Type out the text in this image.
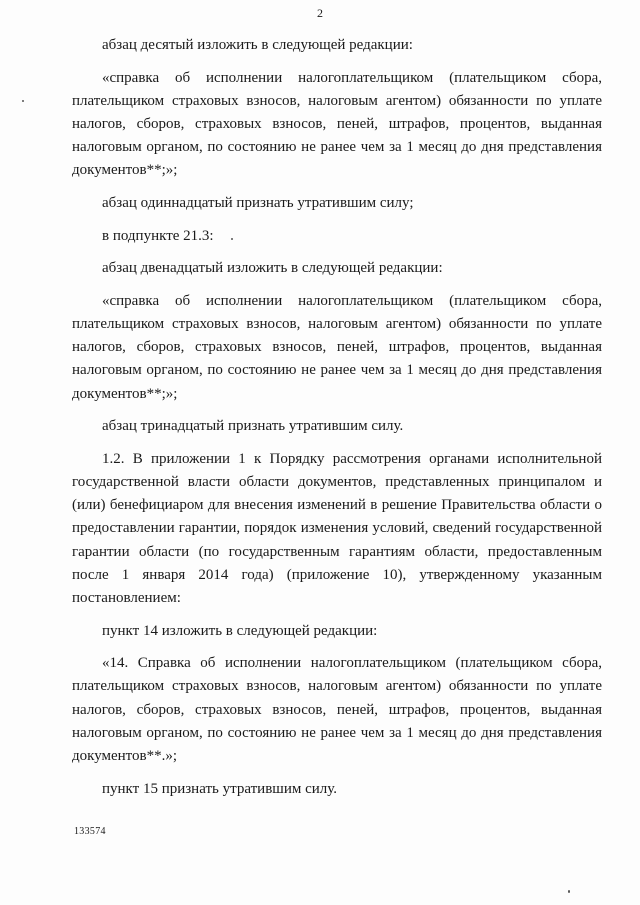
2

абзац десятый изложить в следующей редакции:

«справка об исполнении налогоплательщиком (плательщиком сбора, плательщиком страховых взносов, налоговым агентом) обязанности по уплате налогов, сборов, страховых взносов, пеней, штрафов, процентов, выданная налоговым органом, по состоянию не ранее чем за 1 месяц до дня представления документов**;»;

абзац одиннадцатый признать утратившим силу;

в подпункте 21.3:

абзац двенадцатый изложить в следующей редакции:

«справка об исполнении налогоплательщиком (плательщиком сбора, плательщиком страховых взносов, налоговым агентом) обязанности по уплате налогов, сборов, страховых взносов, пеней, штрафов, процентов, выданная налоговым органом, по состоянию не ранее чем за 1 месяц до дня представления документов**;»;

абзац тринадцатый признать утратившим силу.

1.2. В приложении 1 к Порядку рассмотрения органами исполнительной государственной власти области документов, представленных принципалом и (или) бенефициаром для внесения изменений в решение Правительства области о предоставлении гарантии, порядок изменения условий, сведений государственной гарантии области (по государственным гарантиям области, предоставленным после 1 января 2014 года) (приложение 10), утвержденному указанным постановлением:

пункт 14 изложить в следующей редакции:

«14. Справка об исполнении налогоплательщиком (плательщиком сбора, плательщиком страховых взносов, налоговым агентом) обязанности по уплате налогов, сборов, страховых взносов, пеней, штрафов, процентов, выданная налоговым органом, по состоянию не ранее чем за 1 месяц до дня представления документов**.»;

пункт 15 признать утратившим силу.

133574
